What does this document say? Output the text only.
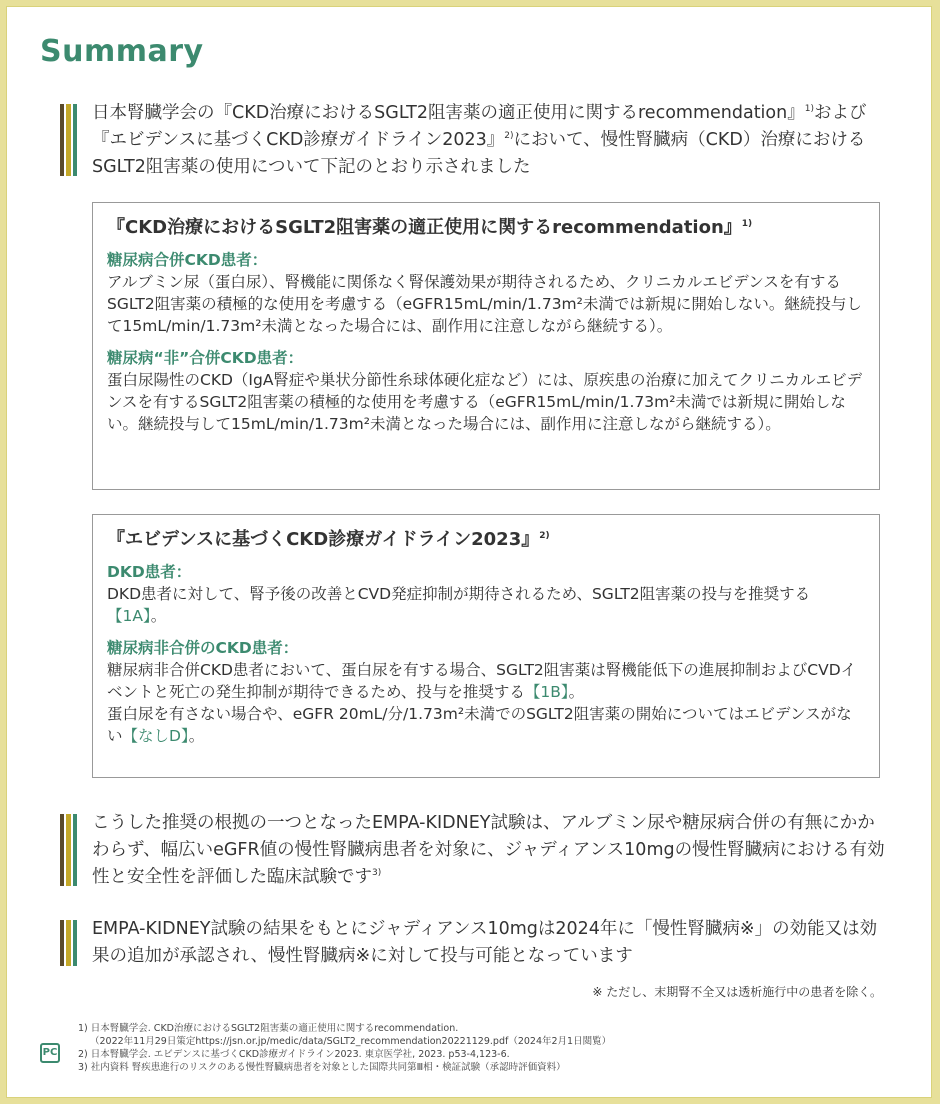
Summary
日本腎臓学会の『CKD治療におけるSGLT2阻害薬の適正使用に関するrecommendation』$^{1)}$および『エビデンスに基づくCKD診療ガイドライン2023』$^{2)}$において、慢性腎臓病（CKD）治療におけるSGLT2阻害薬の使用について下記のとおり示されました
『CKD治療におけるSGLT2阻害薬の適正使用に関するrecommendation』$^{1)}$
糖尿病合併CKD患者：
アルブミン尿（蛋白尿）、腎機能に関係なく腎保護効果が期待されるため、クリニカルエビデンスを有するSGLT2阻害薬の積極的な使用を考慮する（eGFR15mL/min/1.73m²未満では新規に開始しない。継続投与して15mL/min/1.73m²未満となった場合には、副作用に注意しながら継続する）。
糖尿病“非”合併CKD患者：
蛋白尿陽性のCKD（IgA腎症や巣状分節性糸球体硬化症など）には、原疾患の治療に加えてクリニカルエビデンスを有するSGLT2阻害薬の積極的な使用を考慮する（eGFR15mL/min/1.73m²未満では新規に開始しない。継続投与して15mL/min/1.73m²未満となった場合には、副作用に注意しながら継続する）。
『エビデンスに基づくCKD診療ガイドライン2023』$^{2)}$
DKD患者：
DKD患者に対して、腎予後の改善とCVD発症抑制が期待されるため、SGLT2阻害薬の投与を推奨する【1A】。
糖尿病非合併のCKD患者：
糖尿病非合併CKD患者において、蛋白尿を有する場合、SGLT2阻害薬は腎機能低下の進展抑制およびCVDイベントと死亡の発生抑制が期待できるため、投与を推奨する【1B】。
蛋白尿を有さない場合や、eGFR 20mL/分/1.73m²未満でのSGLT2阻害薬の開始についてはエビデンスがない【なしD】。
こうした推奨の根拠の一つとなったEMPA-KIDNEY試験は、アルブミン尿や糖尿病合併の有無にかかわらず、幅広いeGFR値の慢性腎臓病患者を対象に、ジャディアンス10mgの慢性腎臓病における有効性と安全性を評価した臨床試験です$^{3)}$
EMPA-KIDNEY試験の結果をもとにジャディアンス10mgは2024年に「慢性腎臓病※」の効能又は効果の追加が承認され、慢性腎臓病※に対して投与可能となっています
※ ただし、末期腎不全又は透析施行中の患者を除く。
PC
1) 日本腎臓学会. CKD治療におけるSGLT2阻害薬の適正使用に関するrecommendation.
（2022年11月29日策定https://jsn.or.jp/medic/data/SGLT2_recommendation20221129.pdf（2024年2月1日閲覧）
2) 日本腎臓学会. エビデンスに基づくCKD診療ガイドライン2023. 東京医学社, 2023. p53-4,123-6.
3) 社内資料 腎疾患進行のリスクのある慢性腎臓病患者を対象とした国際共同第Ⅲ相・検証試験（承認時評価資料）
